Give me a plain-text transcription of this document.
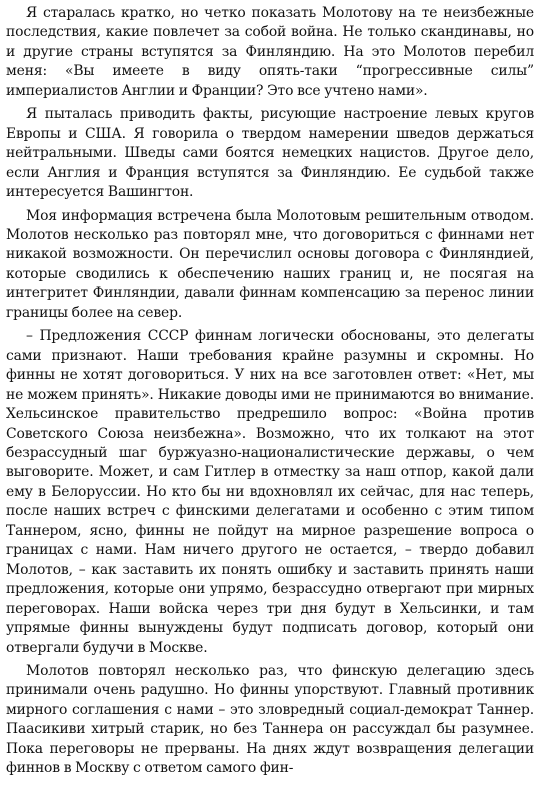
Я старалась кратко, но четко показать Молотову на те неизбежные последствия, какие повлечет за собой война. Не только скандинавы, но и другие страны вступятся за Финляндию. На это Молотов перебил меня: «Вы имеете в виду опять-таки “прогрессивные силы” империалистов Англии и Франции? Это все учтено нами».

Я пыталась приводить факты, рисующие настроение левых кругов Европы и США. Я говорила о твердом намерении шведов держаться нейтральными. Шведы сами боятся немецких нацистов. Другое дело, если Англия и Франция вступятся за Финляндию. Ее судьбой также интересуется Вашингтон.

Моя информация встречена была Молотовым решительным отводом. Молотов несколько раз повторял мне, что договориться с финнами нет никакой возможности. Он перечислил основы договора с Финляндией, которые сводились к обеспечению наших границ и, не посягая на интегритет Финляндии, давали финнам компенсацию за перенос линии границы более на север.

– Предложения СССР финнам логически обоснованы, это делегаты сами признают. Наши требования крайне разумны и скромны. Но финны не хотят договориться. У них на все заготовлен ответ: «Нет, мы не можем принять». Никакие доводы ими не принимаются во внимание. Хельсинское правительство предрешило вопрос: «Война против Советского Союза неизбежна». Возможно, что их толкают на этот безрассудный шаг буржуазно-националистические державы, о чем выговорите. Может, и сам Гитлер в отместку за наш отпор, какой дали ему в Белоруссии. Но кто бы ни вдохновлял их сейчас, для нас теперь, после наших встреч с финскими делегатами и особенно с этим типом Таннером, ясно, финны не пойдут на мирное разрешение вопроса о границах с нами. Нам ничего другого не остается, – твердо добавил Молотов, – как заставить их понять ошибку и заставить принять наши предложения, которые они упрямо, безрассудно отвергают при мирных переговорах. Наши войска через три дня будут в Хельсинки, и там упрямые финны вынуждены будут подписать договор, который они отвергали будучи в Москве.

Молотов повторял несколько раз, что финскую делегацию здесь принимали очень радушно. Но финны упорствуют. Главный противник мирного соглашения с нами – это зловредный социал-демократ Таннер. Паасикиви хитрый старик, но без Таннера он рассуждал бы разумнее. Пока переговоры не прерваны. На днях ждут возвращения делегации финнов в Москву с ответом самого фин-
